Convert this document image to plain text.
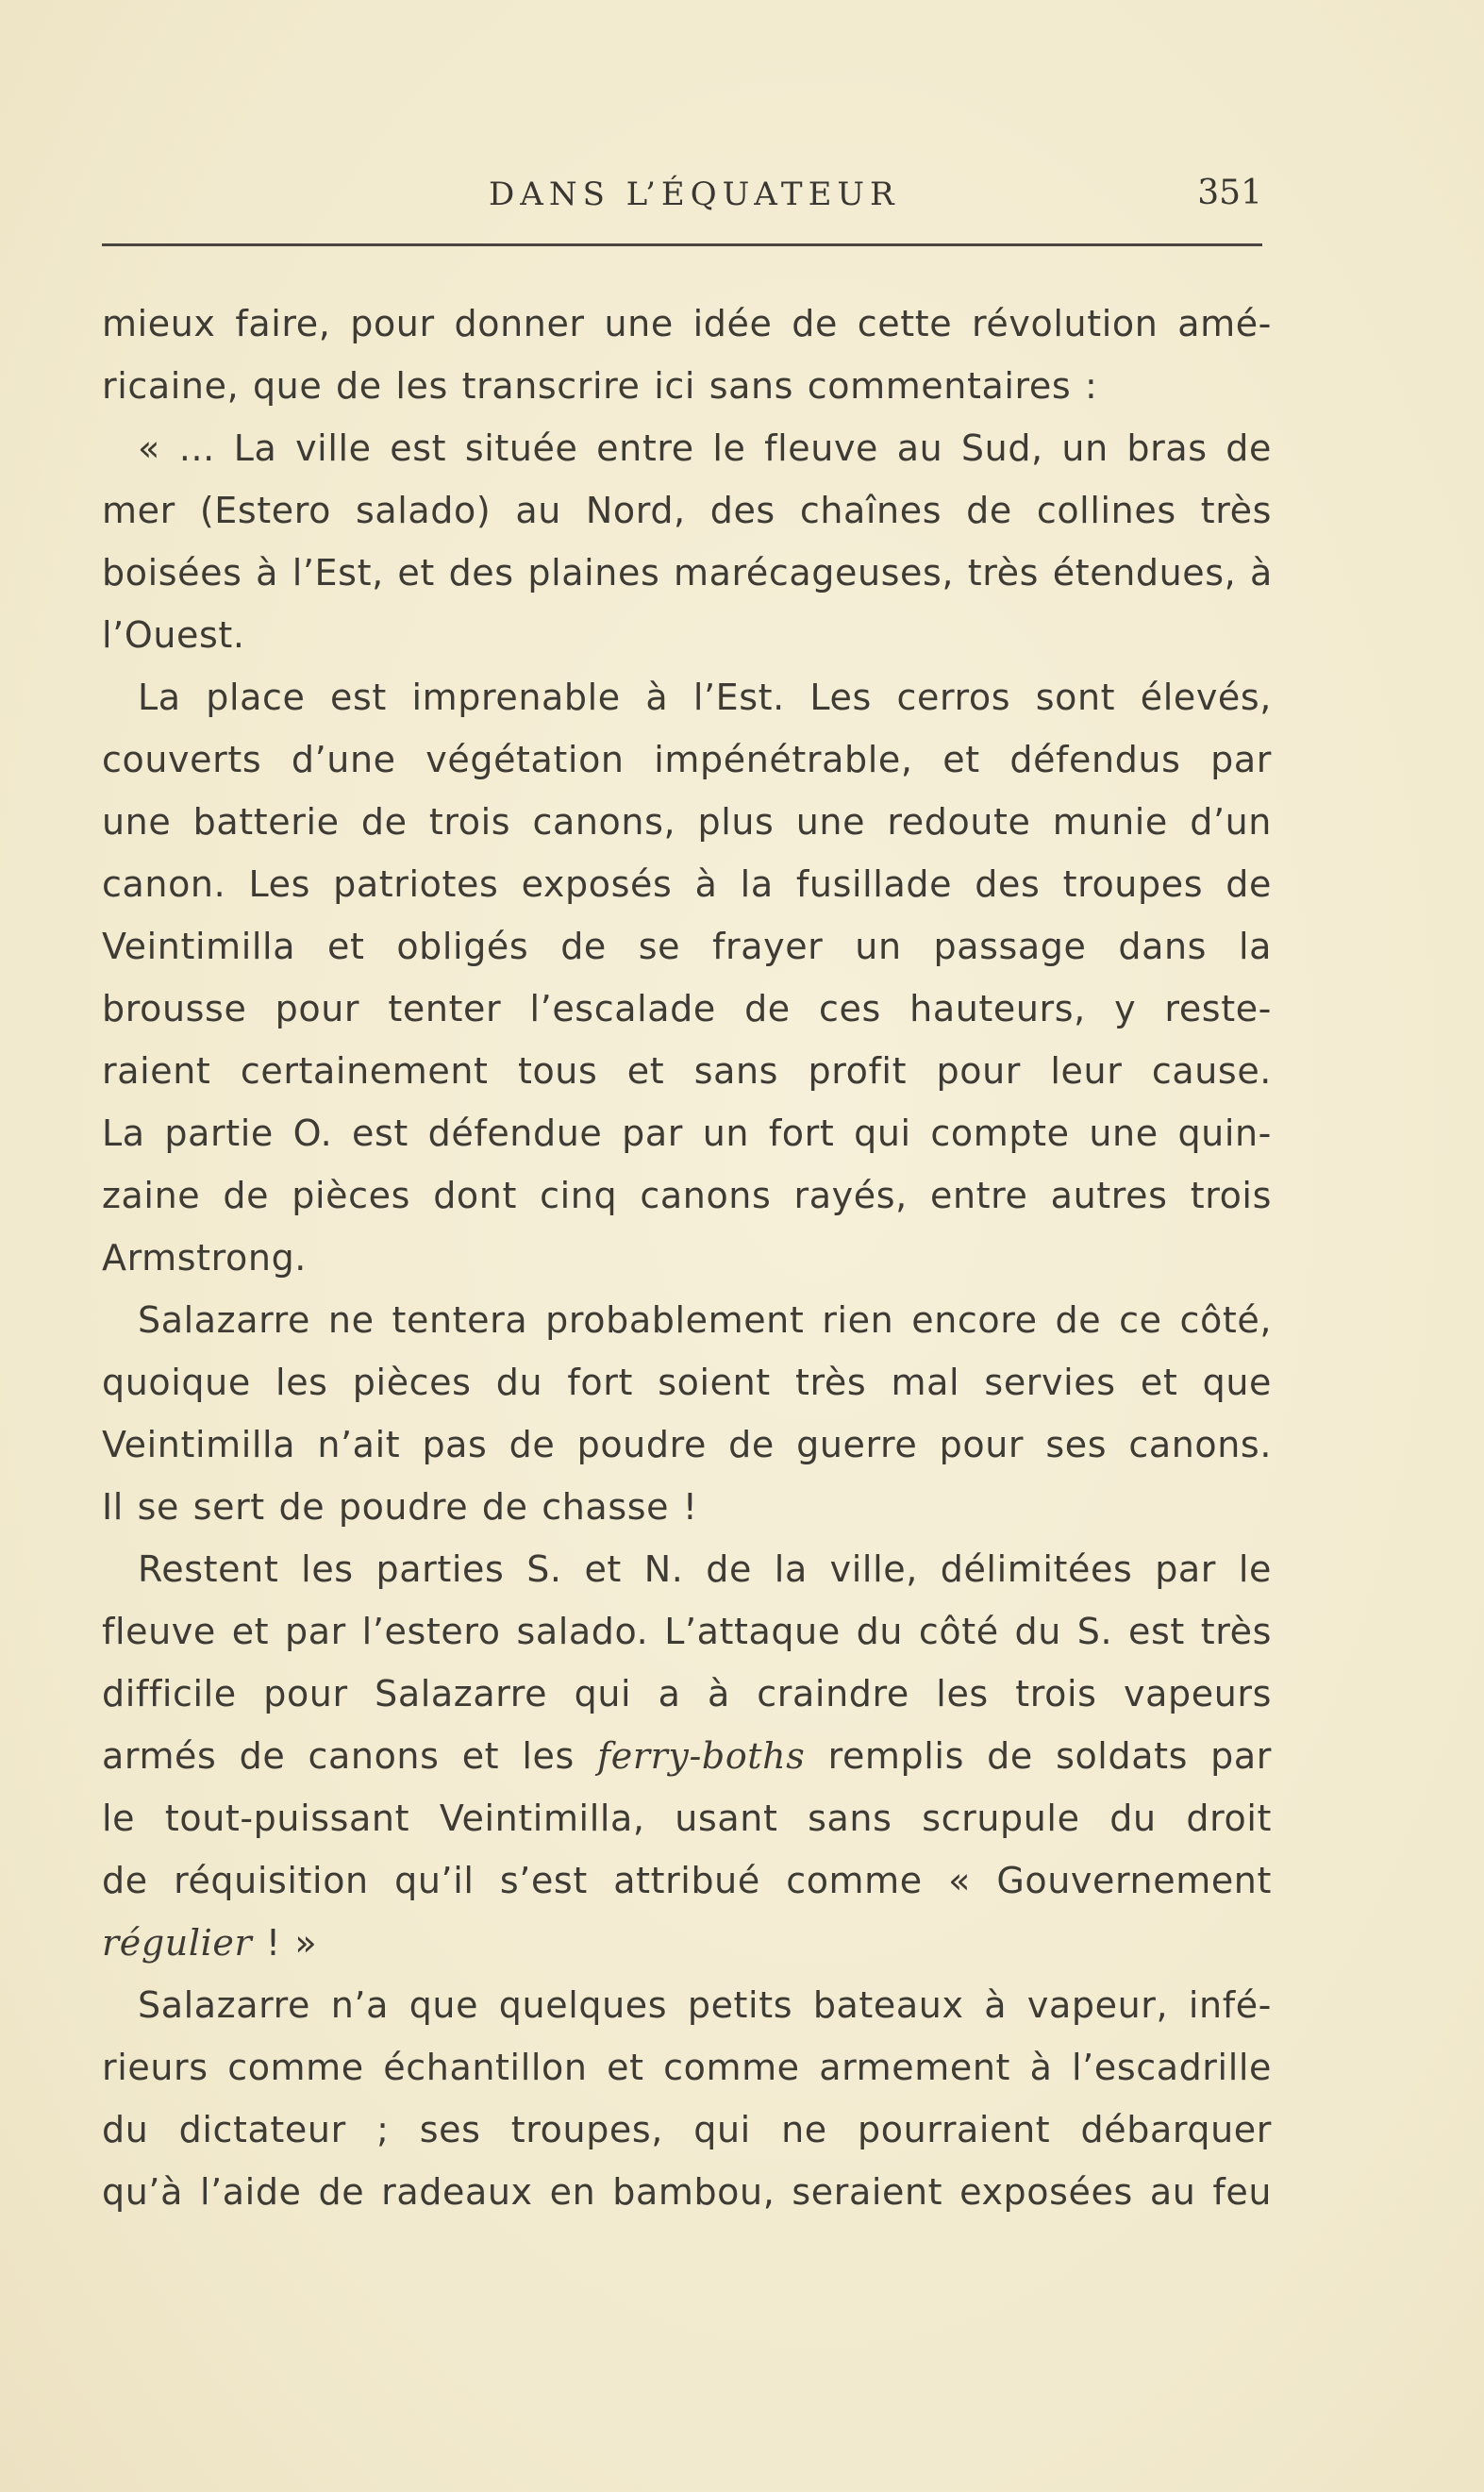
DANS L’ÉQUATEUR	351
mieux faire, pour donner une idée de cette révolution amé-
ricaine, que de les transcrire ici sans commentaires :
« … La ville est située entre le fleuve au Sud, un bras de
mer (Estero salado) au Nord, des chaînes de collines très
boisées à l’Est, et des plaines marécageuses, très étendues, à
l’Ouest.
La place est imprenable à l’Est. Les cerros sont élevés,
couverts d’une végétation impénétrable, et défendus par
une batterie de trois canons, plus une redoute munie d’un
canon. Les patriotes exposés à la fusillade des troupes de
Veintimilla et obligés de se frayer un passage dans la
brousse pour tenter l’escalade de ces hauteurs, y reste-
raient certainement tous et sans profit pour leur cause.
La partie O. est défendue par un fort qui compte une quin-
zaine de pièces dont cinq canons rayés, entre autres trois
Armstrong.
Salazarre ne tentera probablement rien encore de ce côté,
quoique les pièces du fort soient très mal servies et que
Veintimilla n’ait pas de poudre de guerre pour ses canons.
Il se sert de poudre de chasse !
Restent les parties S. et N. de la ville, délimitées par le
fleuve et par l’estero salado. L’attaque du côté du S. est très
difficile pour Salazarre qui a à craindre les trois vapeurs
armés de canons et les ferry-boths remplis de soldats par
le tout-puissant Veintimilla, usant sans scrupule du droit
de réquisition qu’il s’est attribué comme « Gouvernement
régulier ! »
Salazarre n’a que quelques petits bateaux à vapeur, infé-
rieurs comme échantillon et comme armement à l’escadrille
du dictateur ; ses troupes, qui ne pourraient débarquer
qu’à l’aide de radeaux en bambou, seraient exposées au feu
